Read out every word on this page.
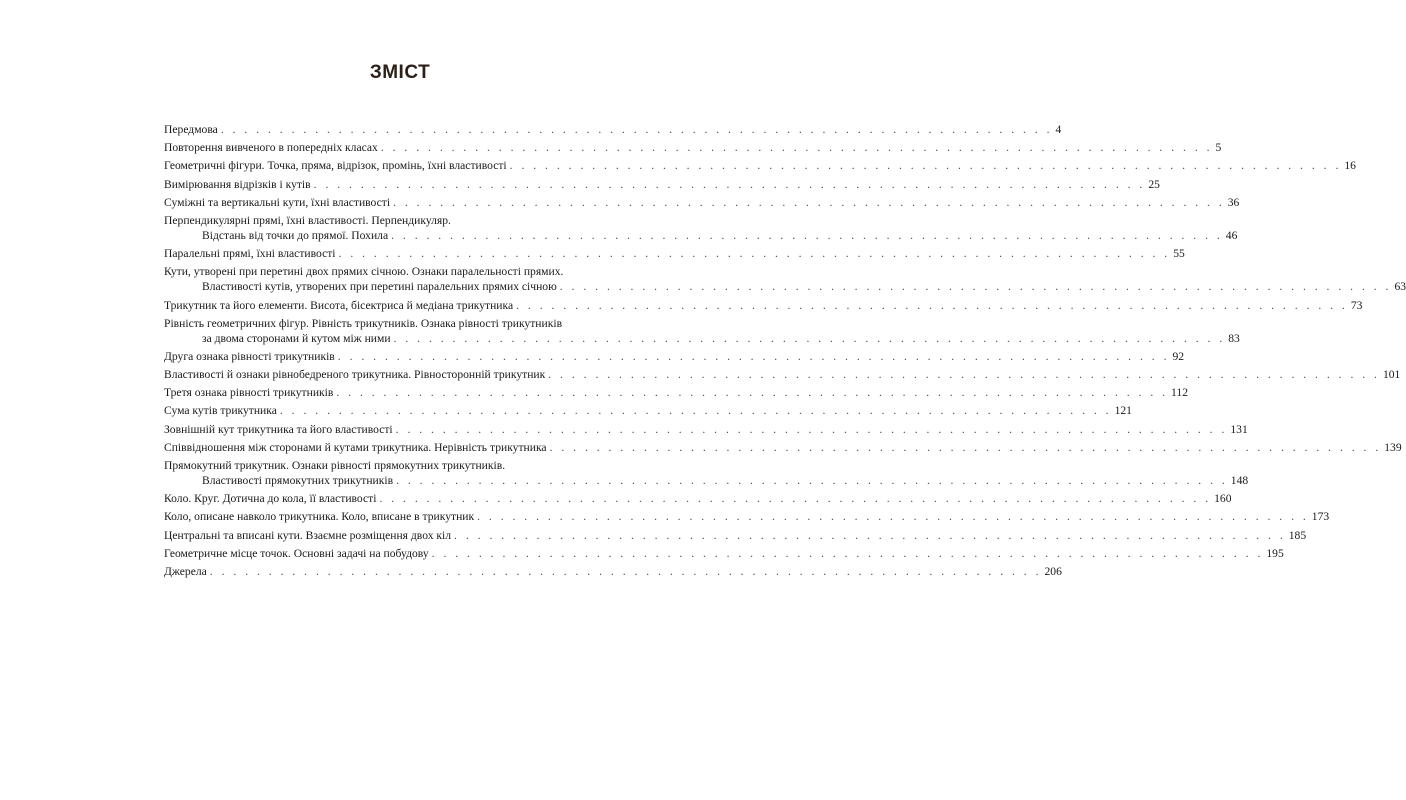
ЗМІСТ
Передмова . . . . . . . . . . . . . . . . . . . . . . . . . . . . . . . . . . . . . . . . . . . . . . . . . . . . . . . . . . . . . . . . . . . . . . . 4
Повторення вивченого в попередніх класах . . . . . . . . . . . . . . . . . . . . . . . . . . . . . . . . . . . . . . . . . . . . . . . . . . . . . . . . . . . . . . . . . . . . . . . 5
Геометричні фігури. Точка, пряма, відрізок, промінь, їхні властивості . . . . . . . . . . . . . . . . . . . . . . . . . . . . . . . . . . . . . . . . . . . . . . . . . . . . . . . . . . . . . . . . . . . . . . . 16
Вимірювання відрізків і кутів . . . . . . . . . . . . . . . . . . . . . . . . . . . . . . . . . . . . . . . . . . . . . . . . . . . . . . . . . . . . . . . . . . . . . . . 25
Суміжні та вертикальні кути, їхні властивості . . . . . . . . . . . . . . . . . . . . . . . . . . . . . . . . . . . . . . . . . . . . . . . . . . . . . . . . . . . . . . . . . . . . . . . 36
Перпендикулярні прямі, їхні властивості. Перпендикуляр.
Відстань від точки до прямої. Похила . . . . . . . . . . . . . . . . . . . . . . . . . . . . . . . . . . . . . . . . . . . . . . . . . . . . . . . . . . . . . . . . . . . . . . . 46
Паралельні прямі, їхні властивості . . . . . . . . . . . . . . . . . . . . . . . . . . . . . . . . . . . . . . . . . . . . . . . . . . . . . . . . . . . . . . . . . . . . . . . 55
Кути, утворені при перетині двох прямих січною. Ознаки паралельності прямих.
Властивості кутів, утворених при перетині паралельних прямих січною . . . . . . . . . . . . . . . . . . . . . . . . . . . . . . . . . . . . . . . . . . . . . . . . . . . . . . . . . . . . . . . . . . . . . . . 63
Трикутник та його елементи. Висота, бісектриса й медіана трикутника . . . . . . . . . . . . . . . . . . . . . . . . . . . . . . . . . . . . . . . . . . . . . . . . . . . . . . . . . . . . . . . . . . . . . . . 73
Рівність геометричних фігур. Рівність трикутників. Ознака рівності трикутників
за двома сторонами й кутом між ними . . . . . . . . . . . . . . . . . . . . . . . . . . . . . . . . . . . . . . . . . . . . . . . . . . . . . . . . . . . . . . . . . . . . . . . 83
Друга ознака рівності трикутників . . . . . . . . . . . . . . . . . . . . . . . . . . . . . . . . . . . . . . . . . . . . . . . . . . . . . . . . . . . . . . . . . . . . . . . 92
Властивості й ознаки рівнобедреного трикутника. Рівносторонній трикутник . . . . . . . . . . . . . . . . . . . . . . . . . . . . . . . . . . . . . . . . . . . . . . . . . . . . . . . . . . . . . . . . . . . . . . . 101
Третя ознака рівності трикутників . . . . . . . . . . . . . . . . . . . . . . . . . . . . . . . . . . . . . . . . . . . . . . . . . . . . . . . . . . . . . . . . . . . . . . . 112
Сума кутів трикутника . . . . . . . . . . . . . . . . . . . . . . . . . . . . . . . . . . . . . . . . . . . . . . . . . . . . . . . . . . . . . . . . . . . . . . . 121
Зовнішній кут трикутника та його властивості . . . . . . . . . . . . . . . . . . . . . . . . . . . . . . . . . . . . . . . . . . . . . . . . . . . . . . . . . . . . . . . . . . . . . . . 131
Співвідношення між сторонами й кутами трикутника. Нерівність трикутника . . . . . . . . . . . . . . . . . . . . . . . . . . . . . . . . . . . . . . . . . . . . . . . . . . . . . . . . . . . . . . . . . . . . . . . 139
Прямокутний трикутник. Ознаки рівності прямокутних трикутників.
Властивості прямокутних трикутників . . . . . . . . . . . . . . . . . . . . . . . . . . . . . . . . . . . . . . . . . . . . . . . . . . . . . . . . . . . . . . . . . . . . . . . 148
Коло. Круг. Дотична до кола, її властивості . . . . . . . . . . . . . . . . . . . . . . . . . . . . . . . . . . . . . . . . . . . . . . . . . . . . . . . . . . . . . . . . . . . . . . . 160
Коло, описане навколо трикутника. Коло, вписане в трикутник . . . . . . . . . . . . . . . . . . . . . . . . . . . . . . . . . . . . . . . . . . . . . . . . . . . . . . . . . . . . . . . . . . . . . . . 173
Центральні та вписані кути. Взаємне розміщення двох кіл . . . . . . . . . . . . . . . . . . . . . . . . . . . . . . . . . . . . . . . . . . . . . . . . . . . . . . . . . . . . . . . . . . . . . . . 185
Геометричне місце точок. Основні задачі на побудову . . . . . . . . . . . . . . . . . . . . . . . . . . . . . . . . . . . . . . . . . . . . . . . . . . . . . . . . . . . . . . . . . . . . . . . 195
Джерела . . . . . . . . . . . . . . . . . . . . . . . . . . . . . . . . . . . . . . . . . . . . . . . . . . . . . . . . . . . . . . . . . . . . . . . 206
